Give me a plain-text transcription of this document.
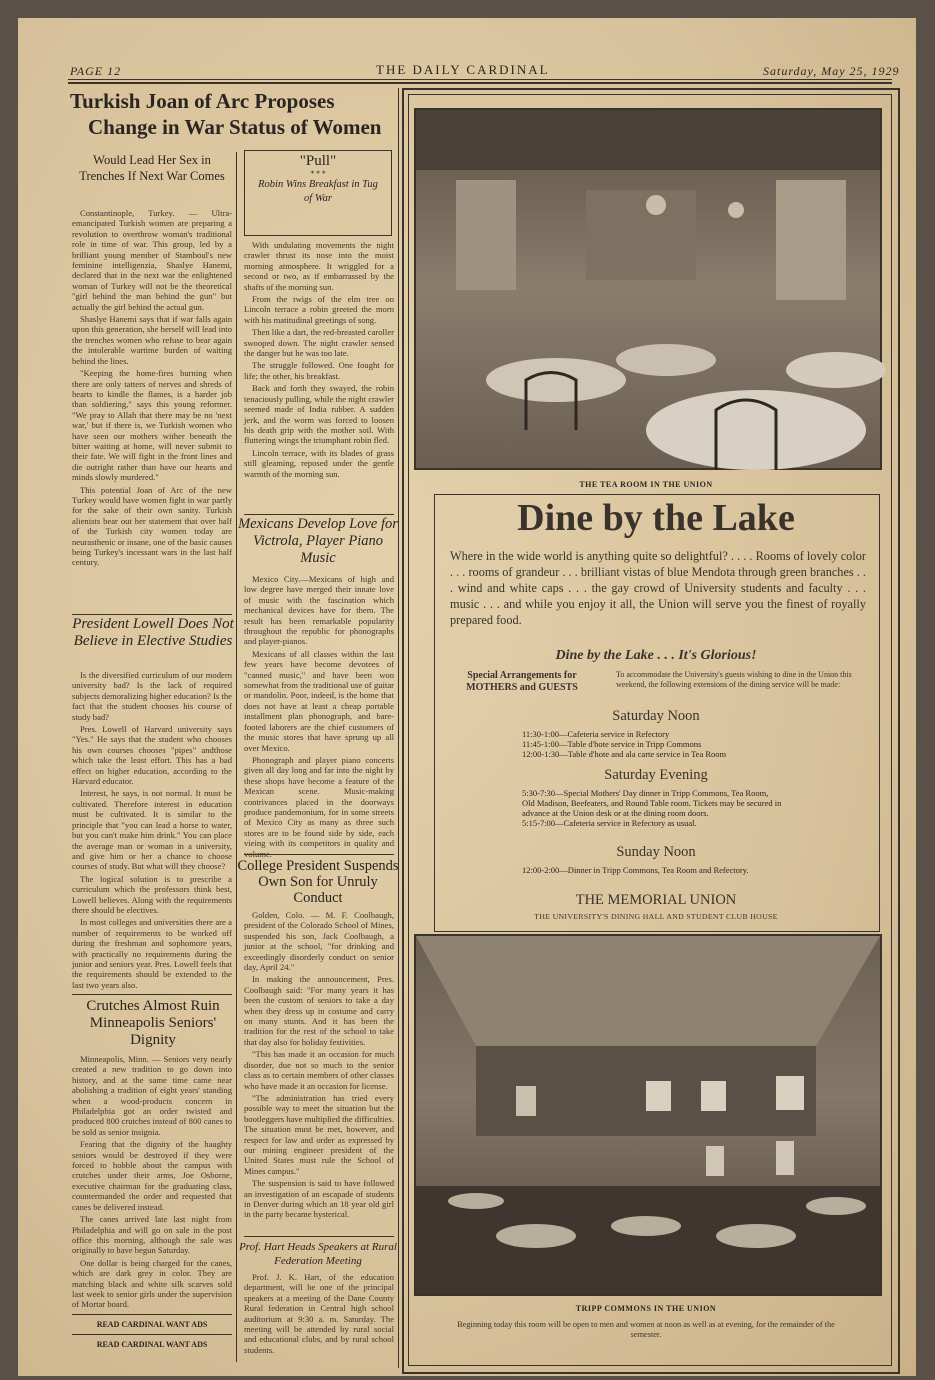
PAGE 12	THE DAILY CARDINAL	Saturday, May 25, 1929
Turkish Joan of Arc Proposes
Change in War Status of Women
Would Lead Her Sex in Trenches If Next War Comes

Constantinople, Turkey. — Ultra-emancipated Turkish women are preparing a revolution to overthrow woman's traditional role in time of war. This group, led by a brilliant young member of Stamboul's new feminine intelligenzia, Shaslye Hanemi, declared that in the next war the enlightened woman of Turkey will not be the theoretical "girl behind the man behind the gun" but actually the girl behind the actual gun.

Shaslye Hanemi says that if war falls again upon this generation, she herself will lead into the trenches women who refuse to bear again the intolerable wartime burden of waiting behind the lines.

"Keeping the home-fires burning when there are only tatters of nerves and shreds of hearts to kindle the flames, is a harder job than soldiering," says this young reformer. "We pray to Allah that there may be no 'next war,' but if there is, we Turkish women who have seen our mothers wither beneath the bitter waiting at home, will never submit to their fate. We will fight in the front lines and die outright rather than have our hearts and minds slowly murdered."

This potential Joan of Arc of the new Turkey would have women fight in war partly for the sake of their own sanity. Turkish alienists bear out her statement that over half of the Turkish city women today are neurasthenic or insane, one of the basic causes being Turkey's incessant wars in the last half century.

President Lowell Does Not Believe in Elective Studies

Is the diversified curriculum of our modern university bad? Is the lack of required subjects demoralizing higher education? Is the fact that the student chooses his course of study bad?

Pres. Lowell of Harvard university says "Yes." He says that the student who chooses his own courses chooses "pipes" andthose which take the least effort. This has a bad effect on higher education, according to the Harvard educator.

Interest, he says, is not normal. It must be cultivated. Therefore interest in education must be cultivated. It is similar to the principle that "you can lead a horse to water, but you can't make him drink." You can place the average man or woman in a university, and give him or her a chance to choose courses of study. But what will they choose?

The logical solution is to prescribe a curriculum which the professors think best, Lowell believes. Along with the requirements there should be electives.

In most colleges and universities there are a number of requirements to be worked off during the freshman and sophomore years, with practically no requirements during the junior and seniors year. Pres. Lowell feels that the requirements should be extended to the last two years also.

Crutches Almost Ruin Minneapolis Seniors' Dignity

Minneapolis, Minn. — Seniors very nearly created a new tradition to go down into history, and at the same time came near abolishing a tradition of eight years' standing when a wood-products concern in Philadelphia got an order twisted and produced 800 crutches instead of 800 canes to be sold as senior insignia.

Fearing that the dignity of the haughty seniors would be destroyed if they were forced to hobble about the campus with crutches under their arms, Joe Osborne, executive chairman for the graduating class, countermanded the order and requested that canes be delivered instead.

The canes arrived late last night from Philadelphia and will go on sale in the post office this morning, although the sale was originally to have begun Saturday.

One dollar is being charged for the canes, which are dark grey in color. They are matching black and white silk scarves sold last week to senior girls under the supervision of Mortar board.

READ CARDINAL WANT ADS
READ CARDINAL WANT ADS
"Pull"
* * *
Robin Wins Breakfast in Tug of War

With undulating movements the night crawler thrust its nose into the moist morning atmosphere. It wriggled for a second or two, as if embarrassed by the shafts of the morning sun.

From the twigs of the elm tree on Lincoln terrace a robin greeted the morn with his matitudinal greetings of song.

Then like a dart, the red-breasted caroller swooped down. The night crawler sensed the danger but he was too late.

The struggle followed. One fought for life; the other, his breakfast.

Back and forth they swayed, the robin tenaciously pulling, while the night crawler seemed made of India rubber. A sudden jerk, and the worm was forced to loosen his death grip with the mother soil. With fluttering wings the triumphant robin fled.

Lincoln terrace, with its blades of grass still gleaming, reposed under the gentle warmth of the morning sun.

Mexicans Develop Love for Victrola, Player Piano Music

Mexico City.—Mexicans of high and low degree have merged their innate love of music with the fascination which mechanical devices have for them. The result has been remarkable popularity throughout the republic for phonographs and player-pianos.

Mexicans of all classes within the last few years have become devotees of "canned music," and have been won somewhat from the traditional use of guitar or mandolin. Poor, indeed, is the home that does not have at least a cheap portable installment plan phonograph, and bare-footed laborers are the chief customers of the music stores that have sprung up all over Mexico.

Phonograph and player piano concerts given all day long and far into the night by these shops have become a feature of the Mexican scene. Music-making contrivances placed in the doorways produce pandemonium, for in some streets of Mexico City as many as three such stores are to be found side by side, each vieing with its competitors in quality and

College President Suspends Own Son for Unruly Conduct

Golden, Colo. — M. F. Coolbaugh, president of the Colorado School of Mines, suspended his son, Jack Coolbaugh, a junior at the school, "for drinking and exceedingly disorderly conduct on senior day, April 24."

In making the announcement, Pres. Coolbaugh said: "For many years it has been the custom of seniors to take a day when they dress up in costume and carry on many stunts. And it has been the tradition for the rest of the school to take that day also for holiday festivities.

"This has made it an occasion for much disorder, due not so much to the senior class as to certain members of other classes who have made it an occasion for license.

"The administration has tried every possible way to meet the situation but the bootleggers have multiplied the difficulties. The situation must be met, however, and respect for law and order as expressed by our mining engineer president of the United States must rule the School of Mines campus."

The suspension is said to have followed an investigation of an escapade of students in Denver during which an 18 year old girl in the party became hysterical.

Prof. Hart Heads Speakers at Rural Federation Meeting

Prof. J. K. Hart, of the education department, will be one of the principal speakers at a meeting of the Dane County Rural federation in Central high school auditorium at 9:30 a. m. Saturday. The meeting will be attended by rural social and educational clubs, and by rural school students.

THE TEA ROOM IN THE UNION
Dine by the Lake
Where in the wide world is anything quite so delightful? . . . . Rooms of lovely color . . . rooms of grandeur . . . brilliant vistas of blue Mendota through green branches . . . wind and white caps . . . the gay crowd of University students and faculty . . . music . . . and while you enjoy it all, the Union will serve you the finest of royally prepared food.
Dine by the Lake . . . It's Glorious!
Special Arrangements for
MOTHERS and GUESTS
To accommodate the University's guests wishing to dine in the Union this weekend, the following extensions of the dining service will be made:
Saturday Noon
11:30-1:00—Cafeteria service in Refectory
11:45-1:00—Table d'hote service in Tripp Commons
12:00-1:30—Table d'hote and ala carte service in Tea Room
Saturday Evening
5:30-7:30—Special Mothers' Day dinner in Tripp Commons, Tea Room, Old Madison, Beefeaters, and Round Table room. Tickets may be secured in advance at the Union desk or at the dining room doors.
5:15-7:00—Cafeteria service in Refectory as usual.
Sunday Noon
12:00-2:00—Dinner in Tripp Commons, Tea Room and Refectory.
THE MEMORIAL UNION
THE UNIVERSITY'S DINING HALL AND STUDENT CLUB HOUSE
TRIPP COMMONS IN THE UNION
Beginning today this room will be open to men and women at noon as well as at evening, for the remainder of the semester.
